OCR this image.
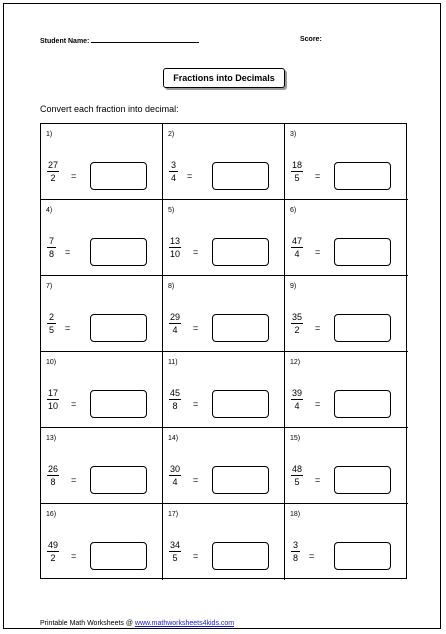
Student Name:	Score:
Fractions into Decimals
Convert each fraction into decimal:
1)
27
2 =
2)
3
4 =
3)
18
5 =
4)
7
8 =
5)
13
10 =
6)
47
4 =
7)
2
5 =
8)
29
4 =
9)
35
2 =
10)
17
10 =
11)
45
8 =
12)
39
4 =
13)
26
8 =
14)
30
4 =
15)
48
5 =
16)
49
2 =
17)
34
5 =
18)
3
8 =
Printable Math Worksheets @ www.mathworksheets4kids.com
